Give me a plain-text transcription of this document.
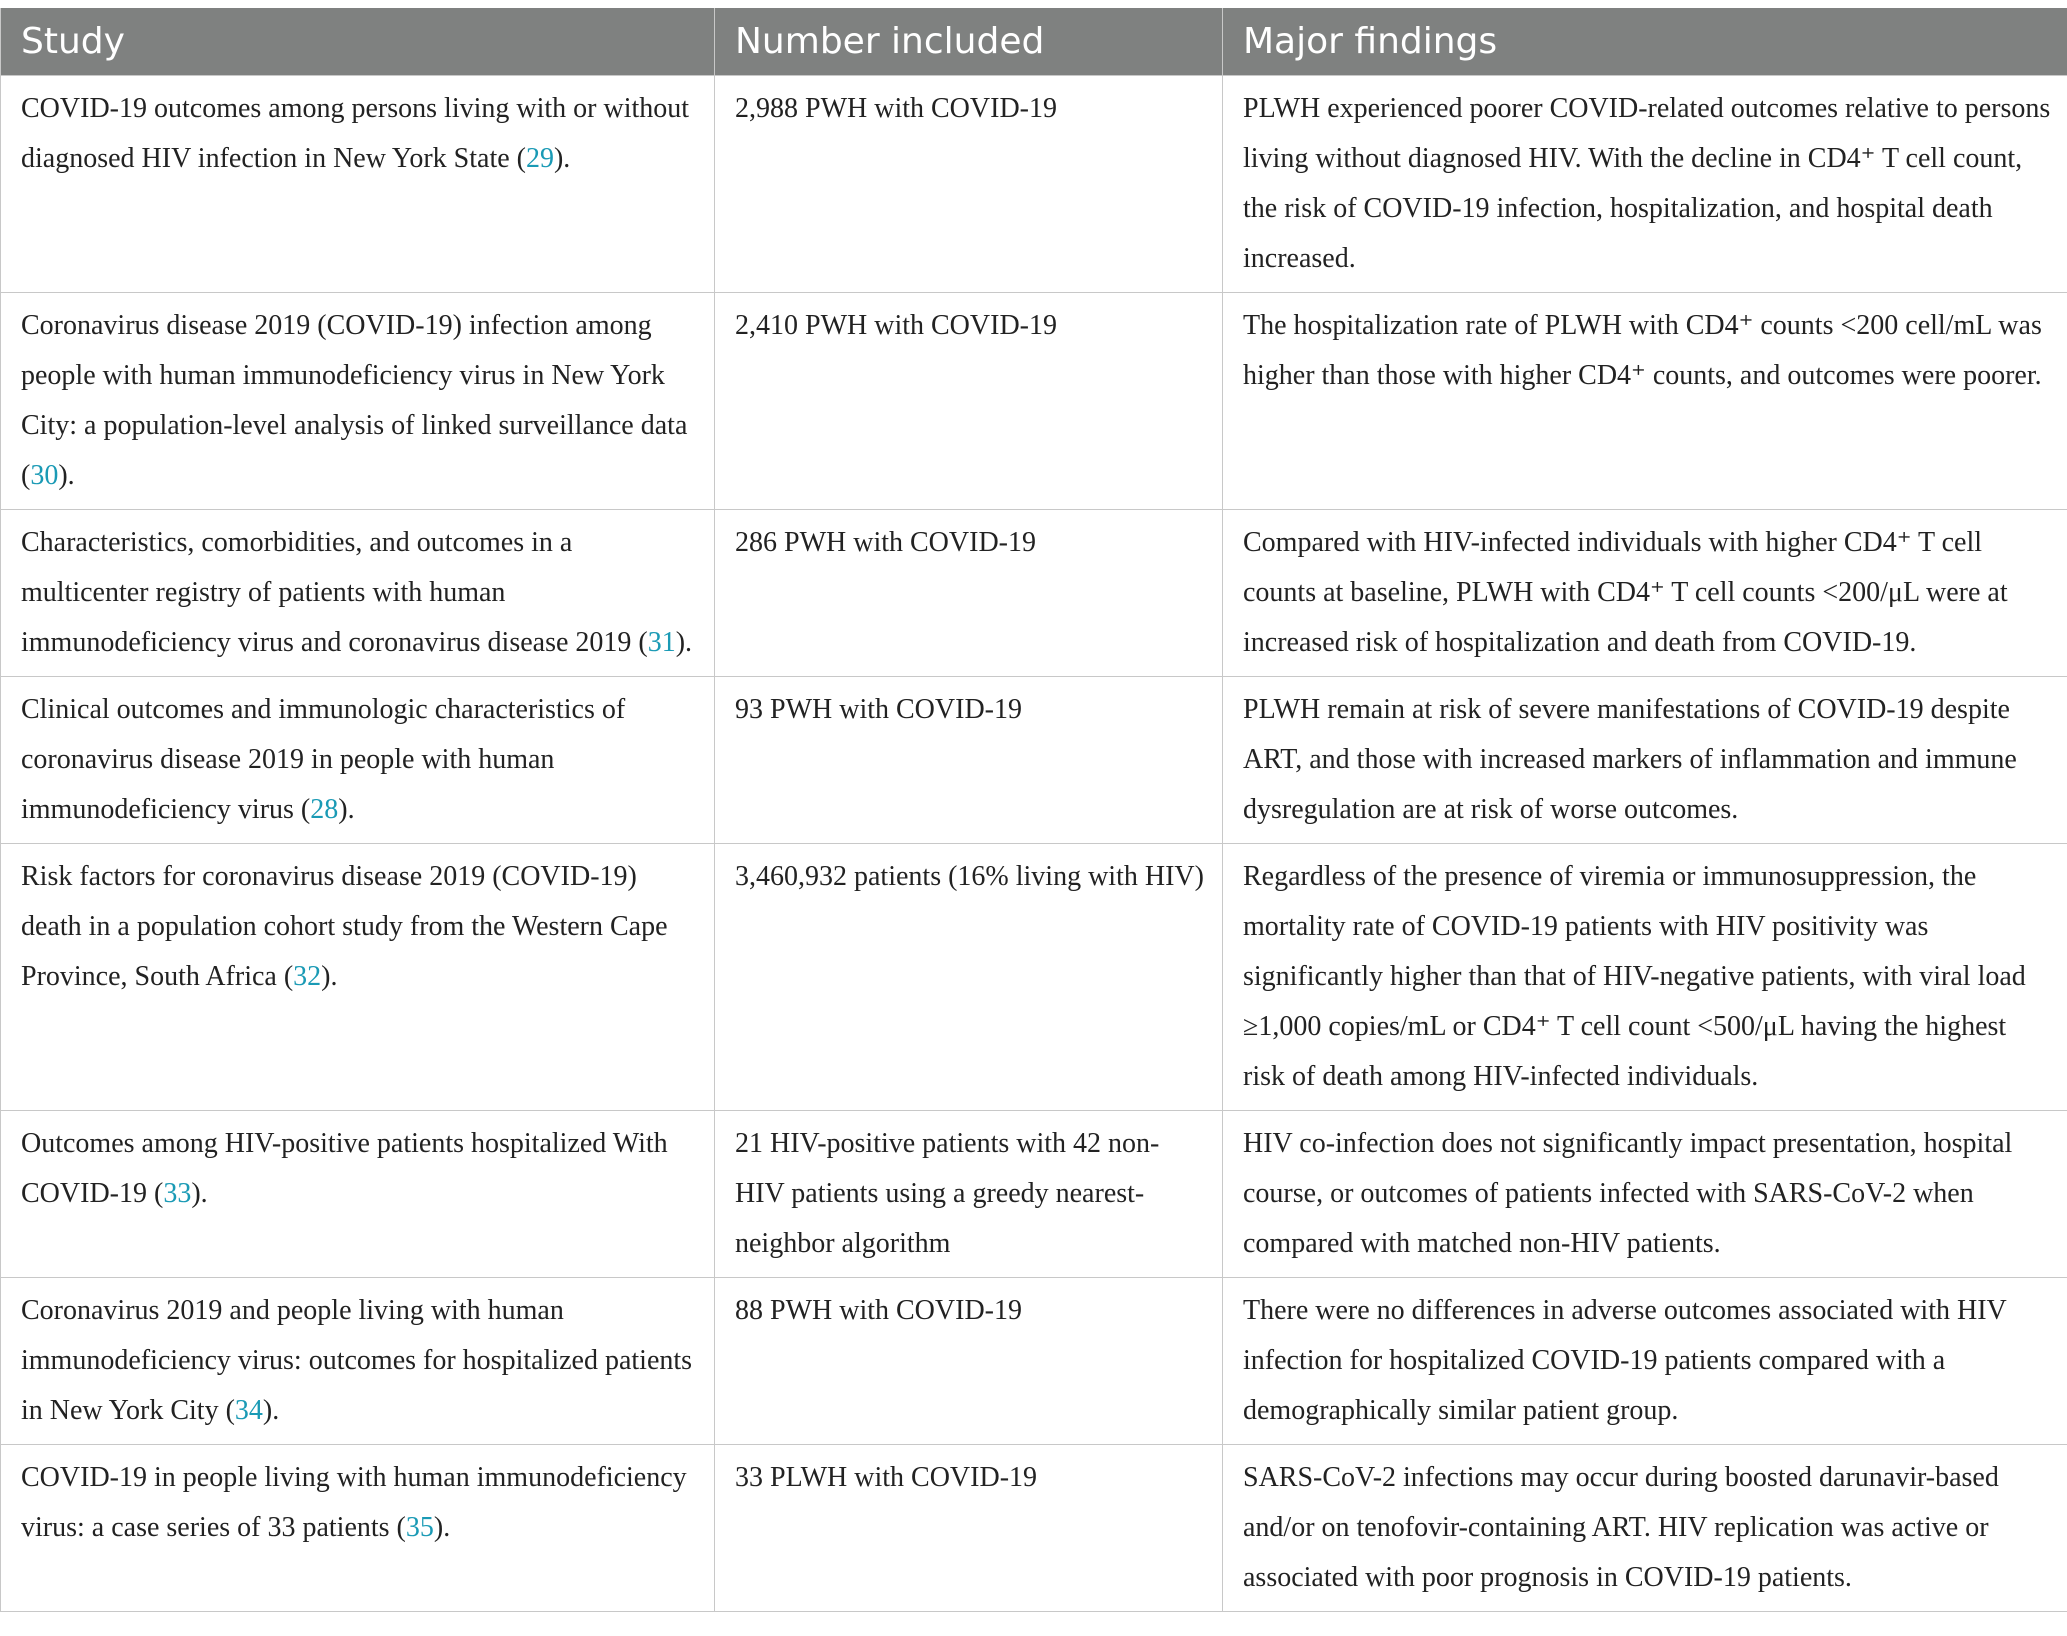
Study	Number included	Major findings
COVID-19 outcomes among persons living with or without diagnosed HIV infection in New York State (29).	2,988 PWH with COVID-19	PLWH experienced poorer COVID-related outcomes relative to persons living without diagnosed HIV. With the decline in CD4⁺ T cell count, the risk of COVID-19 infection, hospitalization, and hospital death increased.
Coronavirus disease 2019 (COVID-19) infection among people with human immunodeficiency virus in New York City: a population-level analysis of linked surveillance data (30).	2,410 PWH with COVID-19	The hospitalization rate of PLWH with CD4⁺ counts <200 cell/mL was higher than those with higher CD4⁺ counts, and outcomes were poorer.
Characteristics, comorbidities, and outcomes in a multicenter registry of patients with human immunodeficiency virus and coronavirus disease 2019 (31).	286 PWH with COVID-19	Compared with HIV-infected individuals with higher CD4⁺ T cell counts at baseline, PLWH with CD4⁺ T cell counts <200/μL were at increased risk of hospitalization and death from COVID-19.
Clinical outcomes and immunologic characteristics of coronavirus disease 2019 in people with human immunodeficiency virus (28).	93 PWH with COVID-19	PLWH remain at risk of severe manifestations of COVID-19 despite ART, and those with increased markers of inflammation and immune dysregulation are at risk of worse outcomes.
Risk factors for coronavirus disease 2019 (COVID-19) death in a population cohort study from the Western Cape Province, South Africa (32).	3,460,932 patients (16% living with HIV)	Regardless of the presence of viremia or immunosuppression, the mortality rate of COVID-19 patients with HIV positivity was significantly higher than that of HIV-negative patients, with viral load ≥1,000 copies/mL or CD4⁺ T cell count <500/μL having the highest risk of death among HIV-infected individuals.
Outcomes among HIV-positive patients hospitalized With COVID-19 (33).	21 HIV-positive patients with 42 non-HIV patients using a greedy nearest-neighbor algorithm	HIV co-infection does not significantly impact presentation, hospital course, or outcomes of patients infected with SARS-CoV-2 when compared with matched non-HIV patients.
Coronavirus 2019 and people living with human immunodeficiency virus: outcomes for hospitalized patients in New York City (34).	88 PWH with COVID-19	There were no differences in adverse outcomes associated with HIV infection for hospitalized COVID-19 patients compared with a demographically similar patient group.
COVID-19 in people living with human immunodeficiency virus: a case series of 33 patients (35).	33 PLWH with COVID-19	SARS-CoV-2 infections may occur during boosted darunavir-based and/or on tenofovir-containing ART. HIV replication was active or associated with poor prognosis in COVID-19 patients.
